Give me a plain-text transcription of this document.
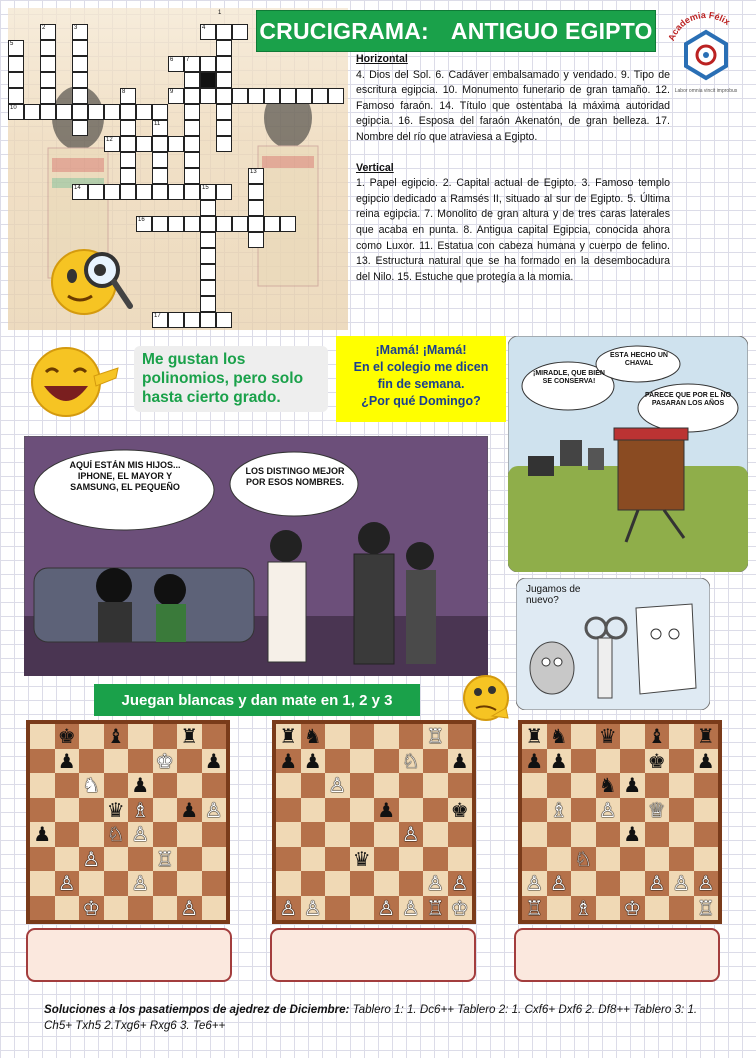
1
2	3	4
5
6 7
8	9
10
11
12
13
14	15
16
17
CRUCIGRAMA: ANTIGUO EGIPTO Academia Félix
Labor omnia vincit improbus
Horizontal
4. Dios del Sol. 6. Cadáver embalsamado y vendado. 9. Tipo de escritura egipcia. 10. Monumento funerario de gran tamaño. 12. Famoso faraón. 14. Título que ostentaba la máxima autoridad egipcia. 16. Esposa del faraón Akenatón, de gran belleza. 17. Nombre del río que atraviesa a Egipto.
Vertical
1. Papel egipcio. 2. Capital actual de Egipto. 3. Famoso templo egipcio dedicado a Ramsés II, situado al sur de Egipto. 5. Última reina egipcia. 7. Monolito de gran altura y de tres caras laterales que acaba en punta. 8. Antigua capital Egipcia, conocida ahora como Luxor. 11. Estatua con cabeza humana y cuerpo de felino. 13. Estructura natural que se ha formado en la desembocadura del Nilo. 15. Estuche que protegía a la momia.
Me gustan los polinomios, pero solo hasta cierto grado.
¡Mamá! ¡Mamá!
En el colegio me dicen
fin de semana.
¿Por qué Domingo?
¡MIRADLE, QUÉ BIEN SE CONSERVA!
ESTÁ HECHO UN CHAVAL
PARECE QUE POR ÉL NO PASARAN LOS AÑOS
AQUÍ ESTÁN MIS HIJOS... IPHONE, EL MAYOR Y SAMSUNG, EL PEQUEÑO
LOS DISTINGO MEJOR POR ESOS NOMBRES.
Jugamos de nuevo?
Juegan blancas y dan mate en 1, 2 y 3
♚ ♝	♜
♟	♚ ♟
♞ ♟
♛ ♗ ♟ ♙
♟	♘ ♙
♙	♖
♙	♙
♔	♙
♜ ♞	♖
♟ ♟	♘ ♟
♙
♟	♚
♙
♛
♙ ♙
♙ ♙	♙ ♙ ♖ ♔
♜ ♞ ♛ ♝ ♜
♟ ♟	♚ ♟
♞ ♟
♗ ♙ ♕
♟
♘
♙ ♙	♙ ♙ ♙
♖ ♗ ♔	♖
Soluciones a los pasatiempos de ajedrez de Diciembre: Tablero 1: 1. Dc6++ Tablero 2: 1. Cxf6+ Dxf6 2. Df8++ Tablero 3: 1. Ch5+ Txh5 2.Txg6+ Rxg6 3. Te6++
